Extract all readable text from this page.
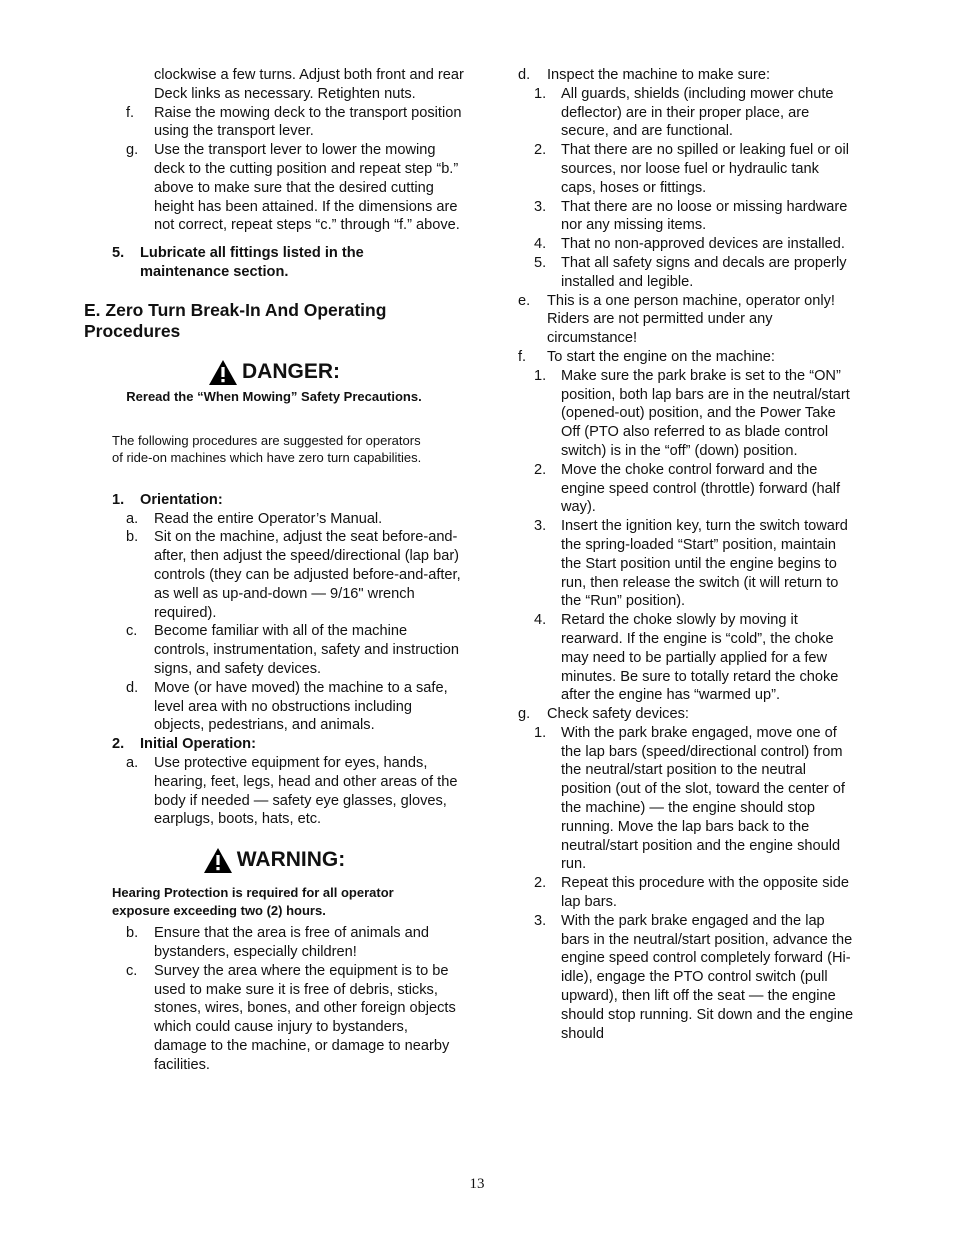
clockwise a few turns. Adjust both front and rear Deck links as necessary. Retighten nuts.
f. Raise the mowing deck to the transport position using the transport lever.
g. Use the transport lever to lower the mowing deck to the cutting position and repeat step “b.” above to make sure that the desired cutting height has been attained. If the dimensions are not correct, repeat steps “c.” through “f.” above.
5. Lubricate all fittings listed in the maintenance section.
E. Zero Turn Break-In And Operating Procedures
DANGER:
Reread the “When Mowing” Safety Precautions.
The following procedures are suggested for operators of ride-on machines which have zero turn capabilities.
1. Orientation:
a. Read the entire Operator’s Manual.
b. Sit on the machine, adjust the seat before-and-after, then adjust the speed/directional (lap bar) controls (they can be adjusted before-and-after, as well as up-and-down — 9/16" wrench required).
c. Become familiar with all of the machine controls, instrumentation, safety and instruction signs, and safety devices.
d. Move (or have moved) the machine to a safe, level area with no obstructions including objects, pedestrians, and animals.
2. Initial Operation:
a. Use protective equipment for eyes, hands, hearing, feet, legs, head and other areas of the body if needed — safety eye glasses, gloves, earplugs, boots, hats, etc.
WARNING:
Hearing Protection is required for all operator exposure exceeding two (2) hours.
b. Ensure that the area is free of animals and bystanders, especially children!
c. Survey the area where the equipment is to be used to make sure it is free of debris, sticks, stones, wires, bones, and other foreign objects which could cause injury to bystanders, damage to the machine, or damage to nearby facilities.
d. Inspect the machine to make sure:
1. All guards, shields (including mower chute deflector) are in their proper place, are secure, and are functional.
2. That there are no spilled or leaking fuel or oil sources, nor loose fuel or hydraulic tank caps, hoses or fittings.
3. That there are no loose or missing hardware nor any missing items.
4. That no non-approved devices are installed.
5. That all safety signs and decals are properly installed and legible.
e. This is a one person machine, operator only! Riders are not permitted under any circumstance!
f. To start the engine on the machine:
1. Make sure the park brake is set to the “ON” position, both lap bars are in the neutral/start (opened-out) position, and the Power Take Off (PTO also referred to as blade control switch) is in the “off” (down) position.
2. Move the choke control forward and the engine speed control (throttle) forward (half way).
3. Insert the ignition key, turn the switch toward the spring-loaded “Start” position, maintain the Start position until the engine begins to run, then release the switch (it will return to the “Run” position).
4. Retard the choke slowly by moving it rearward. If the engine is “cold”, the choke may need to be partially applied for a few minutes. Be sure to totally retard the choke after the engine has “warmed up”.
g. Check safety devices:
1. With the park brake engaged, move one of the lap bars (speed/directional control) from the neutral/start position to the neutral position (out of the slot, toward the center of the machine) — the engine should stop running. Move the lap bars back to the neutral/start position and the engine should run.
2. Repeat this procedure with the opposite side lap bars.
3. With the park brake engaged and the lap bars in the neutral/start position, advance the engine speed control completely forward (Hi-idle), engage the PTO control switch (pull upward), then lift off the seat — the engine should stop running. Sit down and the engine should
13
